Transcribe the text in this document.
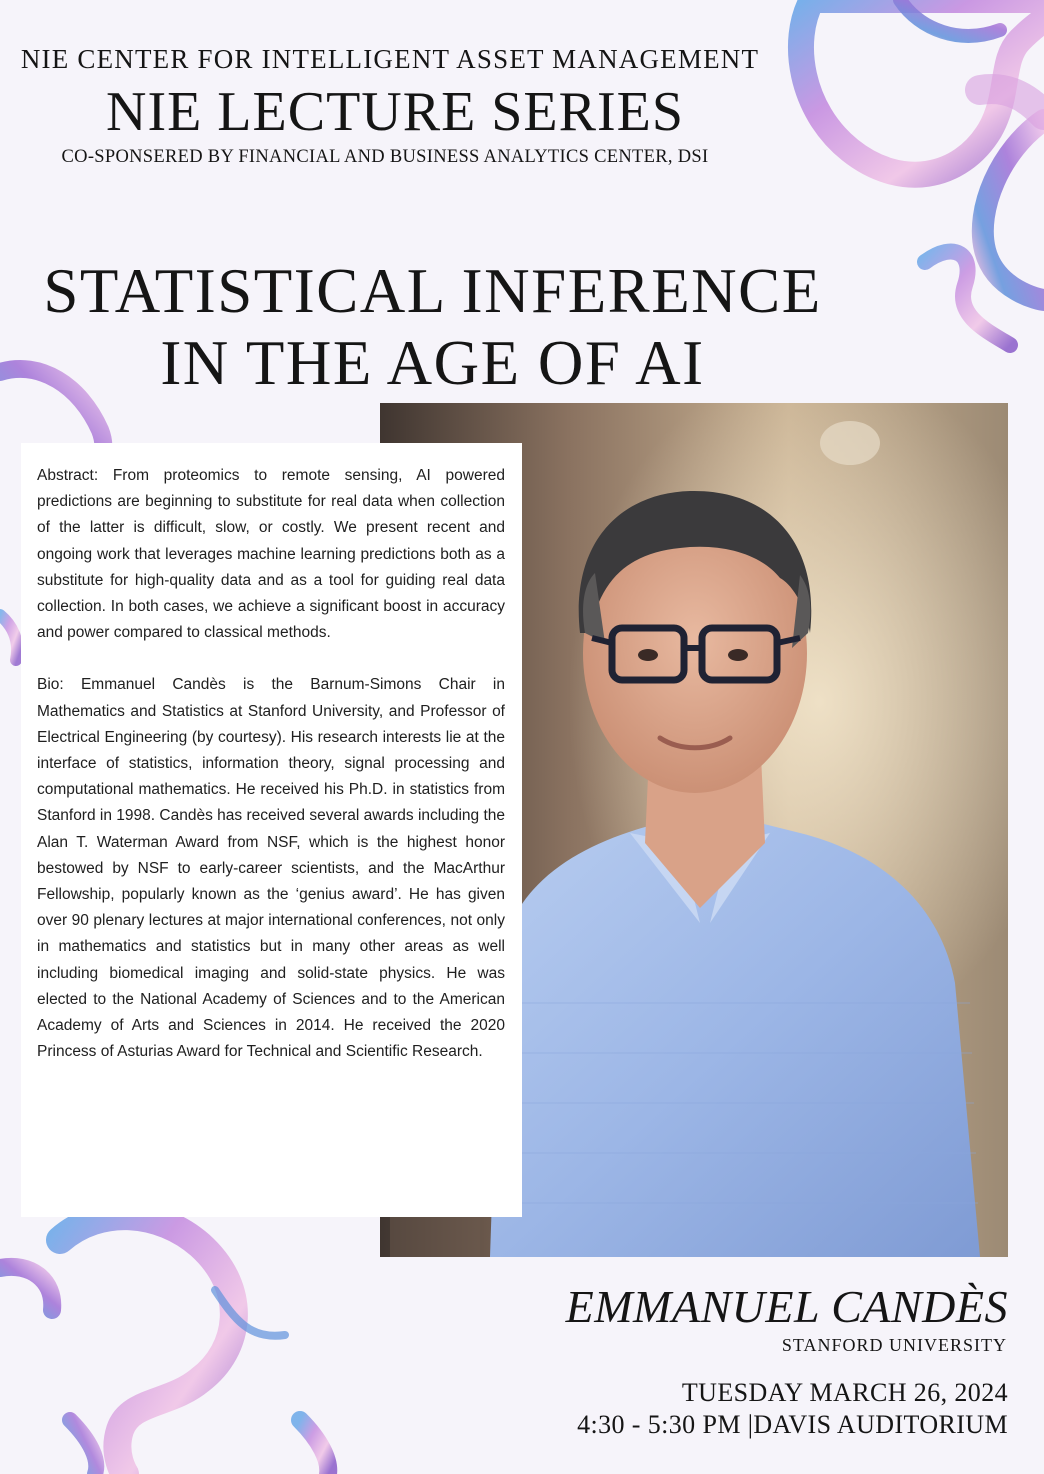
NIE CENTER FOR INTELLIGENT ASSET MANAGEMENT
NIE LECTURE SERIES
CO-SPONSERED BY FINANCIAL AND BUSINESS ANALYTICS CENTER, DSI
STATISTICAL INFERENCE
IN THE AGE OF AI

Abstract: From proteomics to remote sensing, AI powered predictions are beginning to substitute for real data when collection of the latter is difficult, slow, or costly. We present recent and ongoing work that leverages machine learning predictions both as a substitute for high-quality data and as a tool for guiding real data collection. In both cases, we achieve a significant boost in accuracy and power compared to classical methods.

Bio: Emmanuel Candès is the Barnum-Simons Chair in Mathematics and Statistics at Stanford University, and Professor of Electrical Engineering (by courtesy). His research interests lie at the interface of statistics, information theory, signal processing and computational mathematics. He received his Ph.D. in statistics from Stanford in 1998. Candès has received several awards including the Alan T. Waterman Award from NSF, which is the highest honor bestowed by NSF to early-career scientists, and the MacArthur Fellowship, popularly known as the ‘genius award’. He has given over 90 plenary lectures at major international conferences, not only in mathematics and statistics but in many other areas as well including biomedical imaging and solid-state physics. He was elected to the National Academy of Sciences and to the American Academy of Arts and Sciences in 2014. He received the 2020 Princess of Asturias Award for Technical and Scientific Research.

EMMANUEL CANDÈS
STANFORD UNIVERSITY
TUESDAY MARCH 26, 2024
4:30 - 5:30 PM |DAVIS AUDITORIUM
